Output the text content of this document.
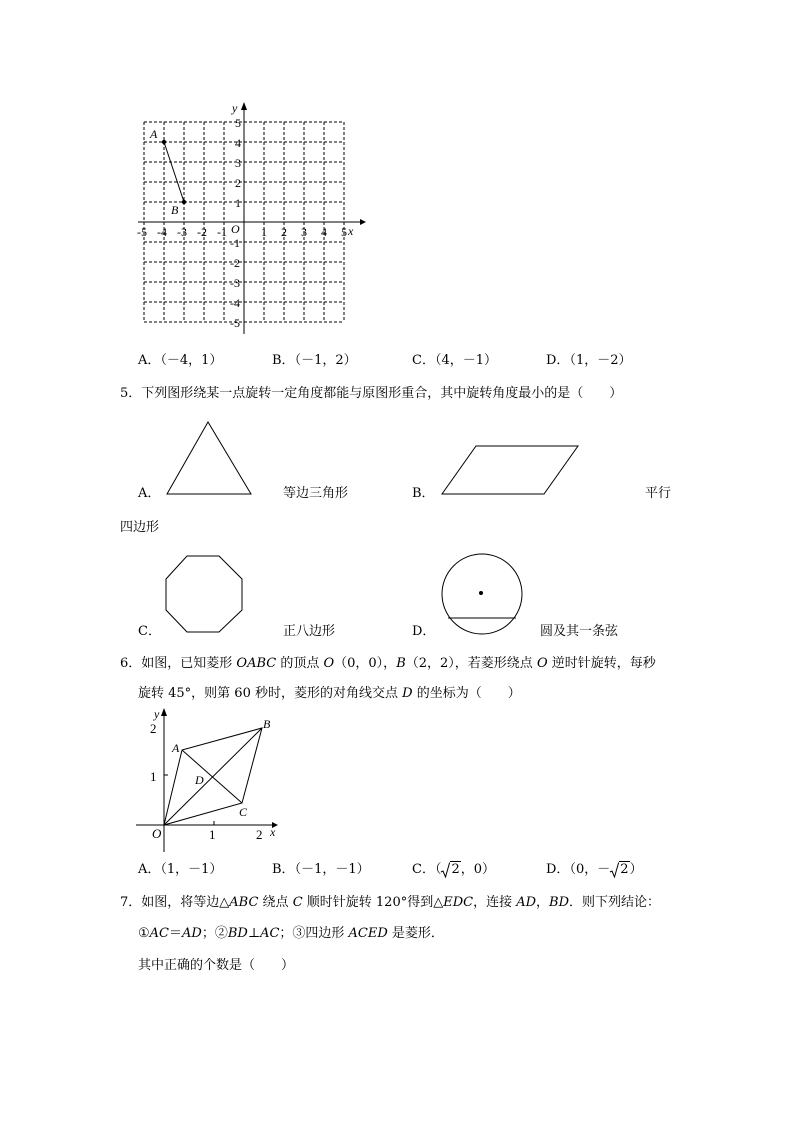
y
x
O
-5 -4 -3 -2 -1	1 2 3 4 5
5
4
3
2
1
-1
-2
-3
-4
-5
A
B
A．（－4，1）	B．（－1，2）	C．（4，－1）	D．（1，－2）
5．下列图形绕某一点旋转一定角度都能与原图形重合，其中旋转角度最小的是（　　）
A．	等边三角形	B．	平行
四边形
C．	正八边形	D．	圆及其一条弦
6．如图，已知菱形 OABC 的顶点 O（0，0），B（2，2），若菱形绕点 O 逆时针旋转，每秒
旋转 45°，则第 60 秒时，菱形的对角线交点 D 的坐标为（　　）
y
x
O	1	2
1
2
A
B
C
D
A．（1，－1）	B．（－1，－1）	C．（ 2，0）	D．（0，－ 2）
7．如图，将等边△ABC 绕点 C 顺时针旋转 120°得到△EDC，连接 AD，BD．则下列结论：
①AC＝AD；②BD⊥AC；③四边形 ACED 是菱形．
其中正确的个数是（　　）
